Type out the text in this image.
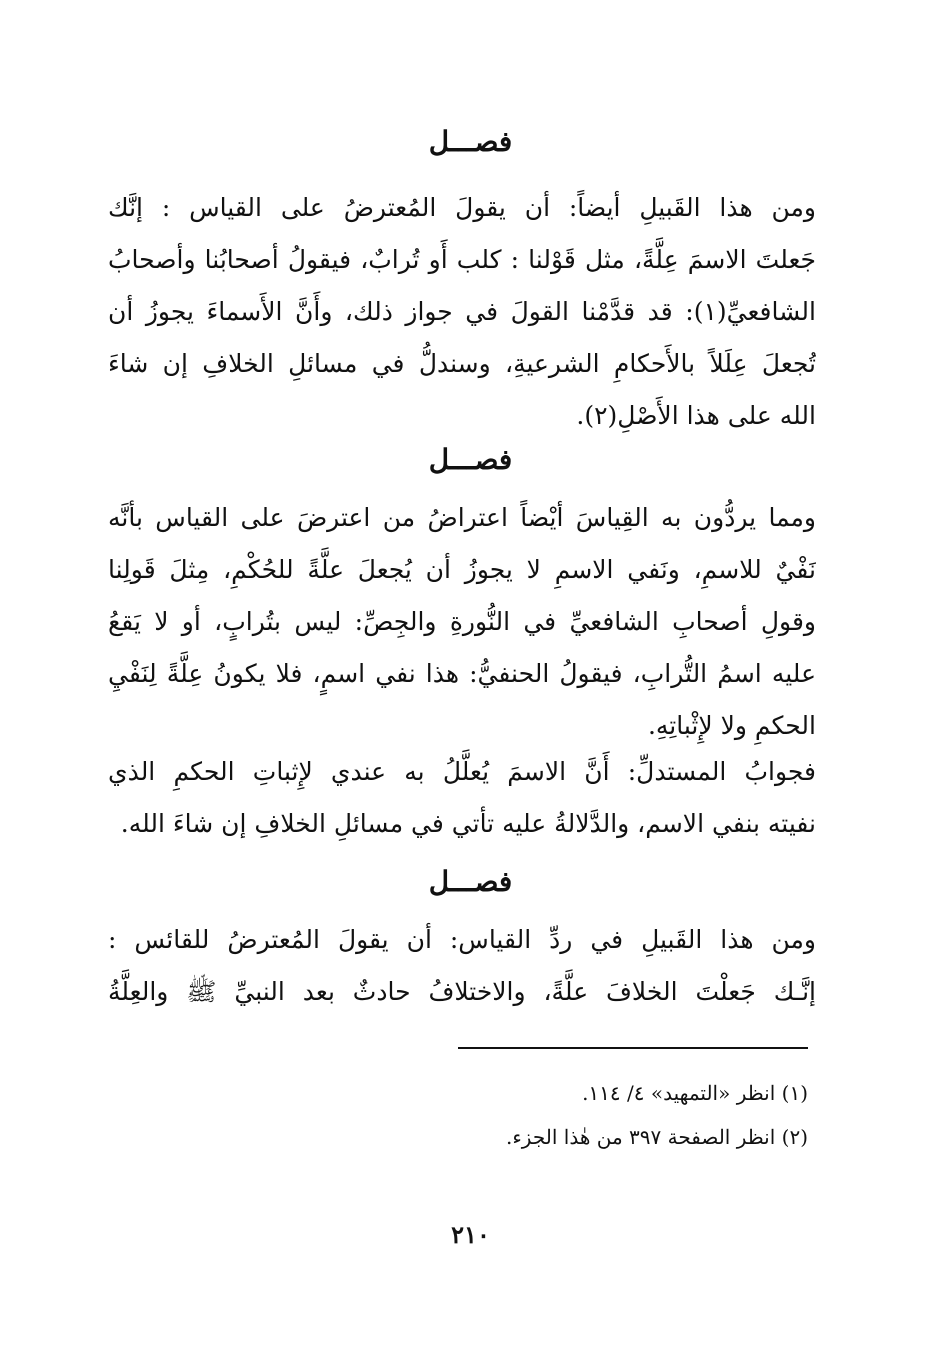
فصـــل
ومن هذا القَبيلِ أيضاً: أن يقولَ المُعترضُ على القياس : إنَّك
جَعلتَ الاسمَ عِلَّةً، مثل قَوْلنا : كلب أَو تُرابٌ، فيقولُ أصحابُنا وأصحابُ
الشافعيِّ(١): قد قدَّمْنا القولَ في جواز ذلك، وأَنَّ الأَسماءَ يجوزُ أن
تُجعلَ عِلَلاً بالأَحكامِ الشرعيةِ، وسندلُّ في مسائلِ الخلافِ إن شاءَ
الله على هذا الأَصْلِ(٢).
فصـــل
ومما يردُّون به القِياسَ أيْضاً اعتراضُ من اعترضَ على القياس بأنَّه
نَفْيٌ للاسمِ، ونَفي الاسمِ لا يجوزُ أن يُجعلَ علَّةً للحُكْمِ، مِثلَ قَولِنا
وقولِ أصحابِ الشافعيِّ في النُّورةِ والجِصِّ: ليس بتُرابٍ، أو لا يَقعُ
عليه اسمُ التُّرابِ، فيقولُ الحنفيُّ: هذا نفي اسمٍ، فلا يكونُ عِلَّةً لِنَفْيِ
الحكمِ ولا لإِثْباتِهِ.
فجوابُ المستدلِّ: أَنَّ الاسمَ يُعلَّلُ به عندي لإِثباتِ الحكمِ الذي
نفيته بنفي الاسم، والدَّلالةُ عليه تأتي في مسائلِ الخلافِ إن شاءَ الله.
فصـــل
ومن هذا القَبيلِ في ردِّ القياس: أن يقولَ المُعترضُ للقائس :
إنَّـك جَعلْتَ الخلافَ علَّةً، والاختلافُ حادثٌ بعد النبيِّ ﷺ والعِلَّةُ
(١) انظر «التمهيد» ٤/ ١١٤.
(٢) انظر الصفحة ٣٩٧ من هٰذا الجزء.
٢١٠
